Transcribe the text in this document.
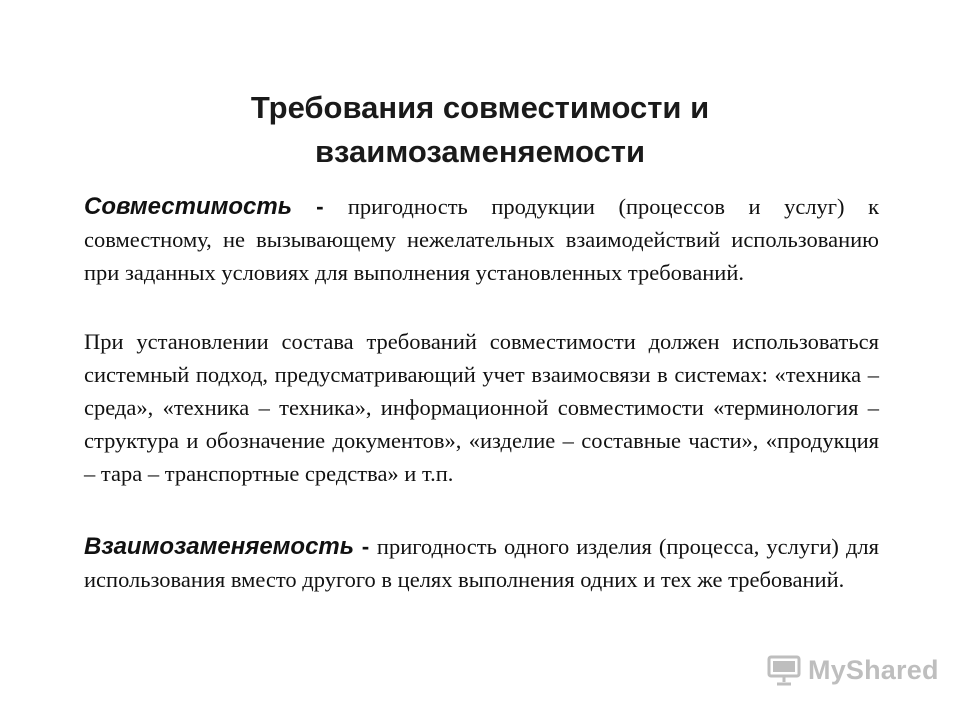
Требования совместимости и
взаимозаменяемости
Совместимость - пригодность продукции (процессов и услуг) к совместному, не вызывающему нежелательных взаимодействий использованию при заданных условиях для выполнения установленных требований.
При установлении состава требований совместимости должен использоваться системный подход, предусматривающий учет взаимосвязи в системах: «техника – среда», «техника – техника», информационной совместимости «терминология – структура и обозначение документов», «изделие – составные части», «продукция – тара – транспортные средства» и т.п.
Взаимозаменяемость - пригодность одного изделия (процесса, услуги) для использования вместо другого в целях выполнения одних и тех же требований.
MyShared
